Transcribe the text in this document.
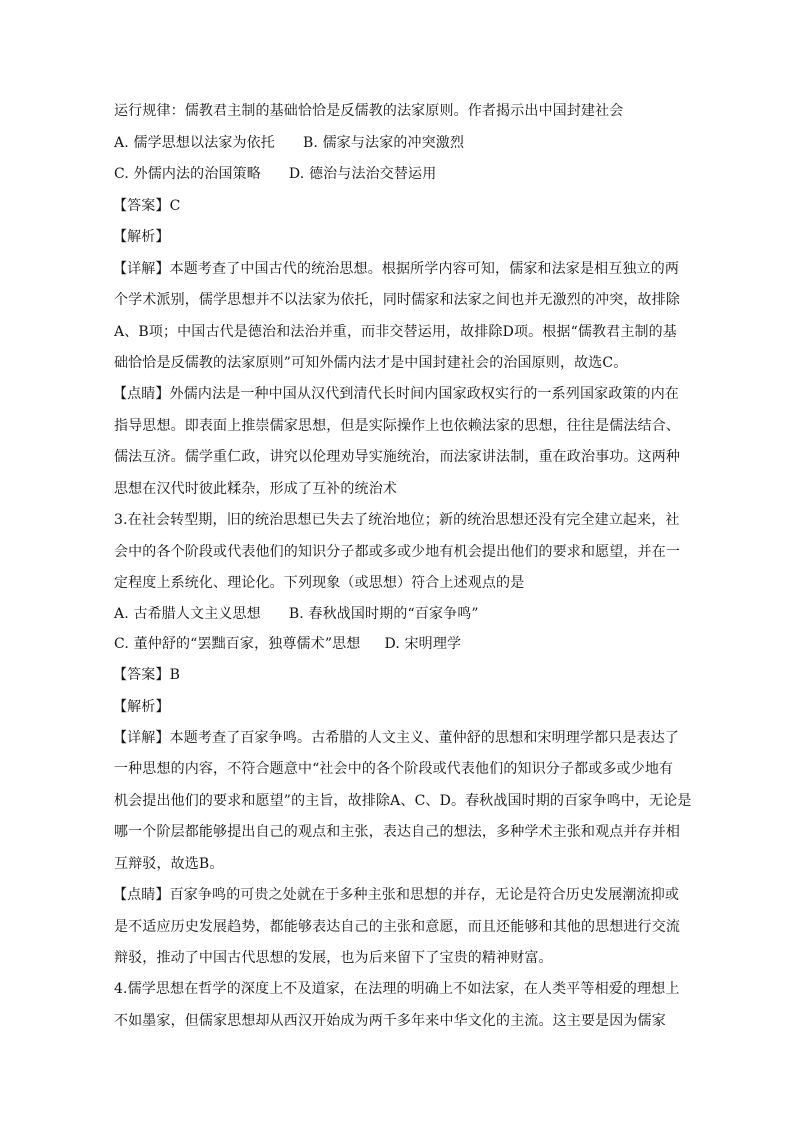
运行规律：儒教君主制的基础恰恰是反儒教的法家原则。作者揭示出中国封建社会
A. 儒学思想以法家为依托 B. 儒家与法家的冲突激烈
C. 外儒内法的治国策略 D. 德治与法治交替运用
【答案】C
【解析】
【详解】本题考查了中国古代的统治思想。根据所学内容可知，儒家和法家是相互独立的两
个学术派别，儒学思想并不以法家为依托，同时儒家和法家之间也并无激烈的冲突，故排除
A、B项；中国古代是德治和法治并重，而非交替运用，故排除D项。根据“儒教君主制的基
础恰恰是反儒教的法家原则”可知外儒内法才是中国封建社会的治国原则，故选C。
【点睛】外儒内法是一种中国从汉代到清代长时间内国家政权实行的一系列国家政策的内在
指导思想。即表面上推崇儒家思想，但是实际操作上也依赖法家的思想，往往是儒法结合、
儒法互济。儒学重仁政，讲究以伦理劝导实施统治，而法家讲法制，重在政治事功。这两种
思想在汉代时彼此糅杂，形成了互补的统治术
3.在社会转型期，旧的统治思想已失去了统治地位；新的统治思想还没有完全建立起来，社
会中的各个阶段或代表他们的知识分子都或多或少地有机会提出他们的要求和愿望，并在一
定程度上系统化、理论化。下列现象（或思想）符合上述观点的是
A. 古希腊人文主义思想 B. 春秋战国时期的“百家争鸣”
C. 董仲舒的“罢黜百家，独尊儒术”思想 D. 宋明理学
【答案】B
【解析】
【详解】本题考查了百家争鸣。古希腊的人文主义、董仲舒的思想和宋明理学都只是表达了
一种思想的内容，不符合题意中“社会中的各个阶段或代表他们的知识分子都或多或少地有
机会提出他们的要求和愿望”的主旨，故排除A、C、D。春秋战国时期的百家争鸣中，无论是
哪一个阶层都能够提出自己的观点和主张，表达自己的想法，多种学术主张和观点并存并相
互辩驳，故选B。
【点睛】百家争鸣的可贵之处就在于多种主张和思想的并存，无论是符合历史发展潮流抑或
是不适应历史发展趋势，都能够表达自己的主张和意愿，而且还能够和其他的思想进行交流
辩驳，推动了中国古代思想的发展，也为后来留下了宝贵的精神财富。
4.儒学思想在哲学的深度上不及道家，在法理的明确上不如法家，在人类平等相爱的理想上
不如墨家，但儒家思想却从西汉开始成为两千多年来中华文化的主流。这主要是因为儒家
